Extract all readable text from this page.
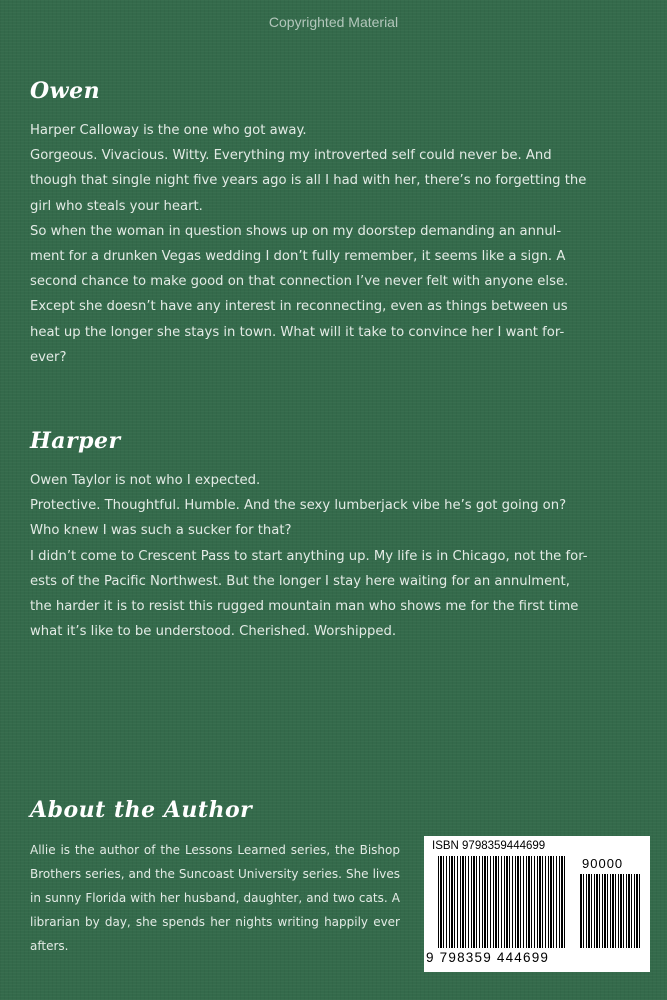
Copyrighted Material
Owen

Harper Calloway is the one who got away.

Gorgeous. Vivacious. Witty. Everything my introverted self could never be. And

though that single night five years ago is all I had with her, there’s no forgetting the

girl who steals your heart.

So when the woman in question shows up on my doorstep demanding an annul-

ment for a drunken Vegas wedding I don’t fully remember, it seems like a sign. A

second chance to make good on that connection I’ve never felt with anyone else.

Except she doesn’t have any interest in reconnecting, even as things between us

heat up the longer she stays in town. What will it take to convince her I want for-

ever?

Harper

Owen Taylor is not who I expected.

Protective. Thoughtful. Humble. And the sexy lumberjack vibe he’s got going on?

Who knew I was such a sucker for that?

I didn’t come to Crescent Pass to start anything up. My life is in Chicago, not the for-

ests of the Pacific Northwest. But the longer I stay here waiting for an annulment,

the harder it is to resist this rugged mountain man who shows me for the first time

what it’s like to be understood. Cherished. Worshipped.

About the Author
Allie is the author of the Lessons Learned series, the Bishop Brothers series, and the Suncoast University series. She lives in sunny Florida with her husband, daughter, and two cats. A librarian by day, she spends her nights writing happily ever afters.
ISBN 9798359444699
90000
9 798359 444699
